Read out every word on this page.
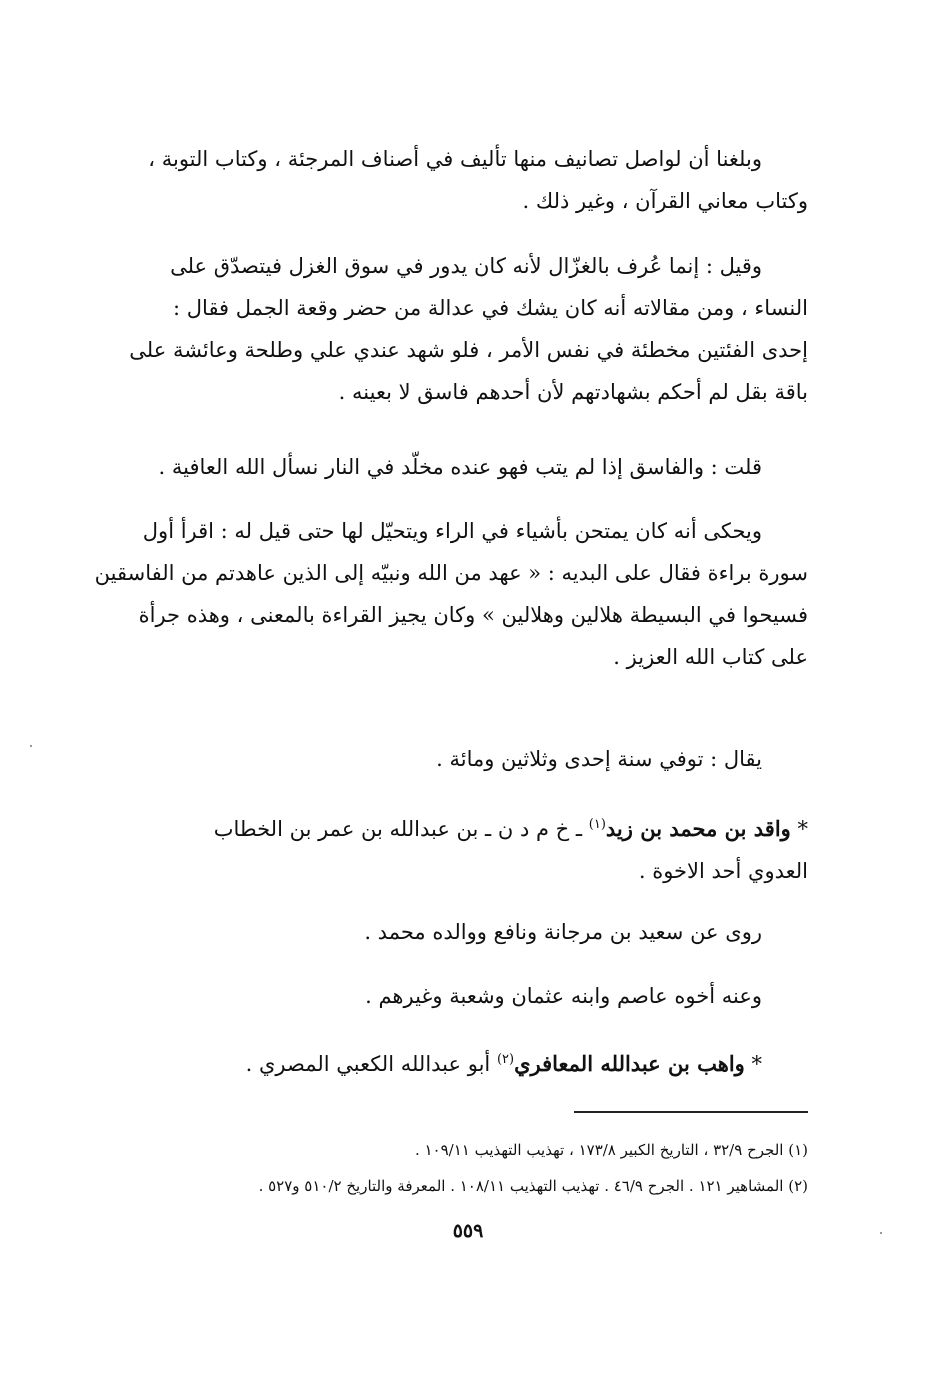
وبلغنا أن لواصل تصانيف منها تأليف في أصناف المرجئة ، وكتاب التوبة ،
وكتاب معاني القرآن ، وغير ذلك .
وقيل : إنما عُرف بالغزّال لأنه كان يدور في سوق الغزل فيتصدّق على
النساء ، ومن مقالاته أنه كان يشك في عدالة من حضر وقعة الجمل فقال :
إحدى الفئتين مخطئة في نفس الأمر ، فلو شهد عندي علي وطلحة وعائشة على
باقة بقل لم أحكم بشهادتهم لأن أحدهم فاسق لا بعينه .
قلت : والفاسق إذا لم يتب فهو عنده مخلّد في النار نسأل الله العافية .
ويحكى أنه كان يمتحن بأشياء في الراء ويتحيّل لها حتى قيل له : اقرأ أول
سورة براءة فقال على البديه : « عهد من الله ونبيّه إلى الذين عاهدتم من الفاسقين
فسيحوا في البسيطة هلالين وهلالين » وكان يجيز القراءة بالمعنى ، وهذه جرأة
على كتاب الله العزيز .
يقال : توفي سنة إحدى وثلاثين ومائة .
* واقد بن محمد بن زيد$^{(١)}$ ـ خ م د ن ـ بن عبدالله بن عمر بن الخطاب
العدوي أحد الاخوة .
روى عن سعيد بن مرجانة ونافع ووالده محمد .
وعنه أخوه عاصم وابنه عثمان وشعبة وغيرهم .
* واهب بن عبدالله المعافري$^{(٢)}$ أبو عبدالله الكعبي المصري .
(١) الجرح ٣٢/٩ ، التاريخ الكبير ١٧٣/٨ ، تهذيب التهذيب ١٠٩/١١ .
(٢) المشاهير ١٢١ . الجرح ٤٦/٩ . تهذيب التهذيب ١٠٨/١١ . المعرفة والتاريخ ٥١٠/٢ و٥٢٧ .
٥٥٩
